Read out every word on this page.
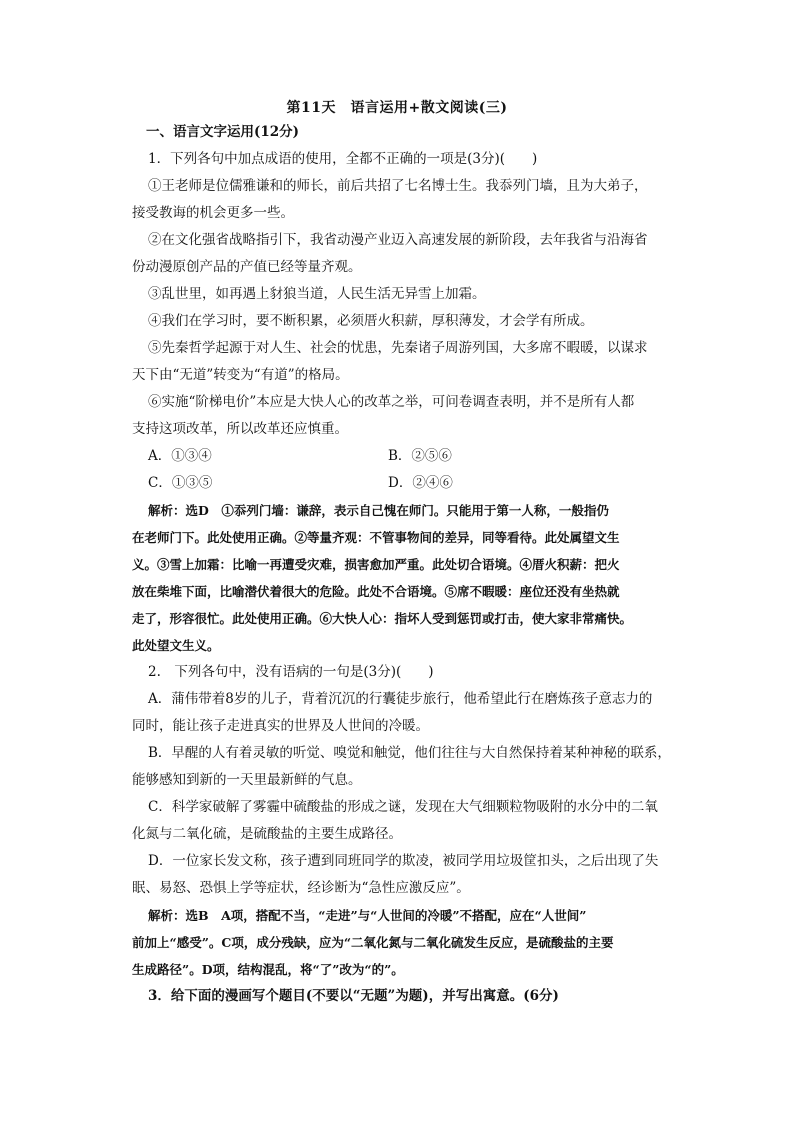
第11天　语言运用+散文阅读(三)
一、语言文字运用(12分)
1．下列各句中加点成语的使用，全都不正确的一项是(3分)(　　)
①王老师是位儒雅谦和的师长，前后共招了七名博士生。我忝列门墙，且为大弟子，
接受教诲的机会更多一些。
②在文化强省战略指引下，我省动漫产业迈入高速发展的新阶段，去年我省与沿海省
份动漫原创产品的产值已经等量齐观。
③乱世里，如再遇上豺狼当道，人民生活无异雪上加霜。
④我们在学习时，要不断积累，必须厝火积薪，厚积薄发，才会学有所成。
⑤先秦哲学起源于对人生、社会的忧患，先秦诸子周游列国，大多席不暇暖，以谋求
天下由“无道”转变为“有道”的格局。
⑥实施“阶梯电价”本应是大快人心的改革之举，可问卷调查表明，并不是所有人都
支持这项改革，所以改革还应慎重。
A．①③④	B．②⑤⑥
C．①③⑤	D．②④⑥
解析：选D　①忝列门墙：谦辞，表示自己愧在师门。只能用于第一人称，一般指仍
在老师门下。此处使用正确。②等量齐观：不管事物间的差异，同等看待。此处属望文生
义。③雪上加霜：比喻一再遭受灾难，损害愈加严重。此处切合语境。④厝火积薪：把火
放在柴堆下面，比喻潜伏着很大的危险。此处不合语境。⑤席不暇暖：座位还没有坐热就
走了，形容很忙。此处使用正确。⑥大快人心：指坏人受到惩罚或打击，使大家非常痛快。
此处望文生义。
2.　下列各句中，没有语病的一句是(3分)(　　)
A．蒲伟带着8岁的儿子，背着沉沉的行囊徒步旅行，他希望此行在磨炼孩子意志力的
同时，能让孩子走进真实的世界及人世间的冷暖。
B．早醒的人有着灵敏的听觉、嗅觉和触觉，他们往往与大自然保持着某种神秘的联系，
能够感知到新的一天里最新鲜的气息。
C．科学家破解了雾霾中硫酸盐的形成之谜，发现在大气细颗粒物吸附的水分中的二氧
化氮与二氧化硫，是硫酸盐的主要生成路径。
D．一位家长发文称，孩子遭到同班同学的欺凌，被同学用垃圾筐扣头，之后出现了失
眠、易怒、恐惧上学等症状，经诊断为“急性应激反应”。
解析：选B　A项，搭配不当，“走进”与“人世间的冷暖”不搭配，应在“人世间”
前加上“感受”。C项，成分残缺，应为“二氧化氮与二氧化硫发生反应，是硫酸盐的主要
生成路径”。D项，结构混乱，将“了”改为“的”。
3．给下面的漫画写个题目(不要以“无题”为题)，并写出寓意。(6分)
